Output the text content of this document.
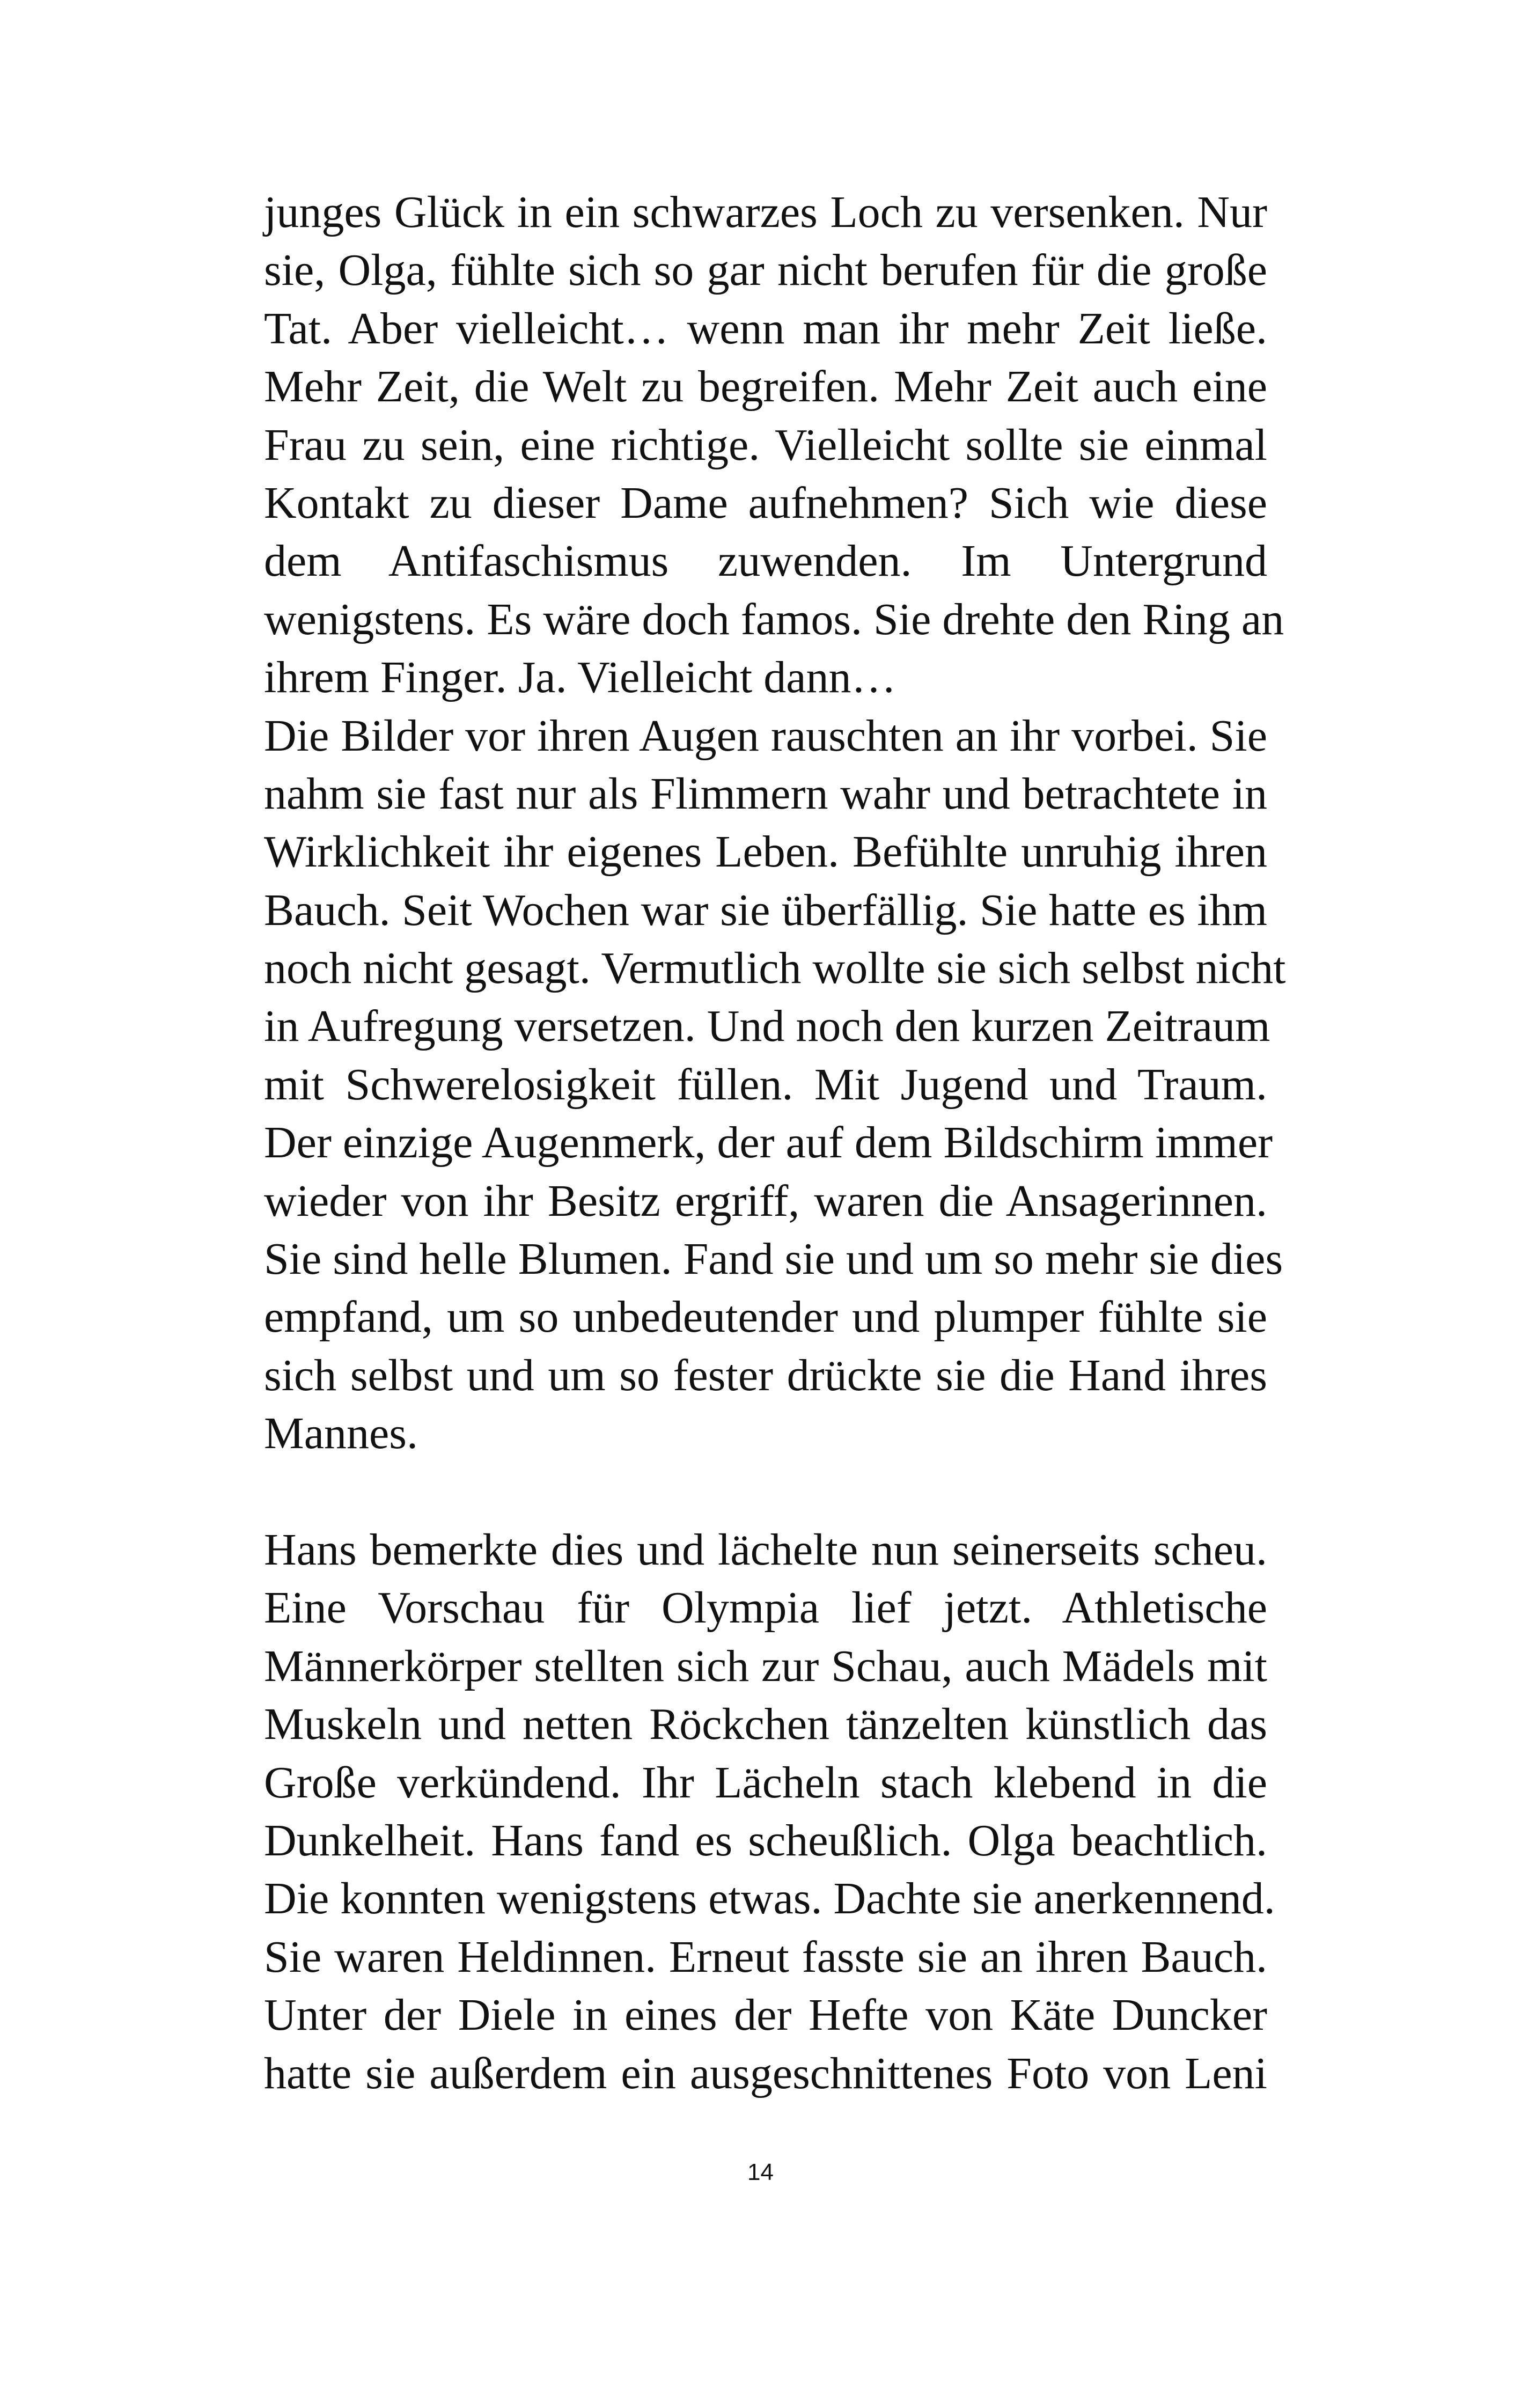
junges Glück in ein schwarzes Loch zu versenken. Nur
sie, Olga, fühlte sich so gar nicht berufen für die große
Tat. Aber vielleicht… wenn man ihr mehr Zeit ließe.
Mehr Zeit, die Welt zu begreifen. Mehr Zeit auch eine
Frau zu sein, eine richtige. Vielleicht sollte sie einmal
Kontakt zu dieser Dame aufnehmen? Sich wie diese
dem Antifaschismus zuwenden. Im Untergrund
wenigstens. Es wäre doch famos. Sie drehte den Ring an
ihrem Finger. Ja. Vielleicht dann…
Die Bilder vor ihren Augen rauschten an ihr vorbei. Sie
nahm sie fast nur als Flimmern wahr und betrachtete in
Wirklichkeit ihr eigenes Leben. Befühlte unruhig ihren
Bauch. Seit Wochen war sie überfällig. Sie hatte es ihm
noch nicht gesagt. Vermutlich wollte sie sich selbst nicht
in Aufregung versetzen. Und noch den kurzen Zeitraum
mit Schwerelosigkeit füllen. Mit Jugend und Traum.
Der einzige Augenmerk, der auf dem Bildschirm immer
wieder von ihr Besitz ergriff, waren die Ansagerinnen.
Sie sind helle Blumen. Fand sie und um so mehr sie dies
empfand, um so unbedeutender und plumper fühlte sie
sich selbst und um so fester drückte sie die Hand ihres
Mannes.
Hans bemerkte dies und lächelte nun seinerseits scheu.
Eine Vorschau für Olympia lief jetzt. Athletische
Männerkörper stellten sich zur Schau, auch Mädels mit
Muskeln und netten Röckchen tänzelten künstlich das
Große verkündend. Ihr Lächeln stach klebend in die
Dunkelheit. Hans fand es scheußlich. Olga beachtlich.
Die konnten wenigstens etwas. Dachte sie anerkennend.
Sie waren Heldinnen. Erneut fasste sie an ihren Bauch.
Unter der Diele in eines der Hefte von Käte Duncker
hatte sie außerdem ein ausgeschnittenes Foto von Leni
14
